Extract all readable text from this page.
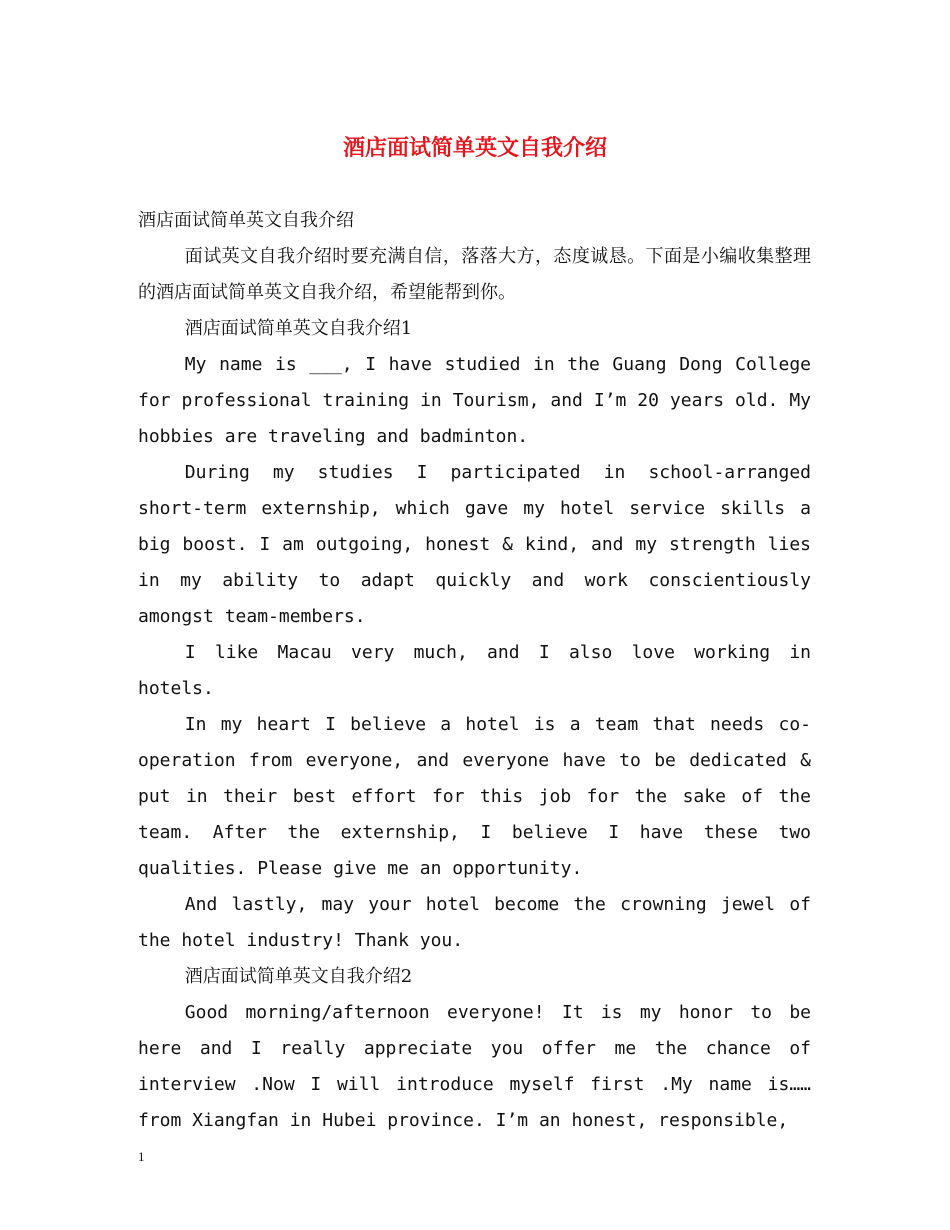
酒店面试简单英文自我介绍

酒店面试简单英文自我介绍

面试英文自我介绍时要充满自信，落落大方，态度诚恳。下面是小编收集整理的酒店面试简单英文自我介绍，希望能帮到你。

酒店面试简单英文自我介绍1

My name is ___, I have studied in the Guang Dong College for professional training in Tourism, and I’m 20 years old. My hobbies are traveling and badminton.

During my studies I participated in school-arranged short-term externship, which gave my hotel service skills a big boost. I am outgoing, honest & kind, and my strength lies in my ability to adapt quickly and work conscientiously amongst team-members.

I like Macau very much, and I also love working in hotels.

In my heart I believe a hotel is a team that needs co-operation from everyone, and everyone have to be dedicated & put in their best effort for this job for the sake of the team. After the externship, I believe I have these two qualities. Please give me an opportunity.

And lastly, may your hotel become the crowning jewel of the hotel industry! Thank you.

酒店面试简单英文自我介绍2

Good morning/afternoon everyone! It is my honor to be here and I really appreciate you offer me the chance of interview .Now I will introduce myself first .My name is…… from Xiangfan in Hubei province. I’m an honest, responsible,

1
